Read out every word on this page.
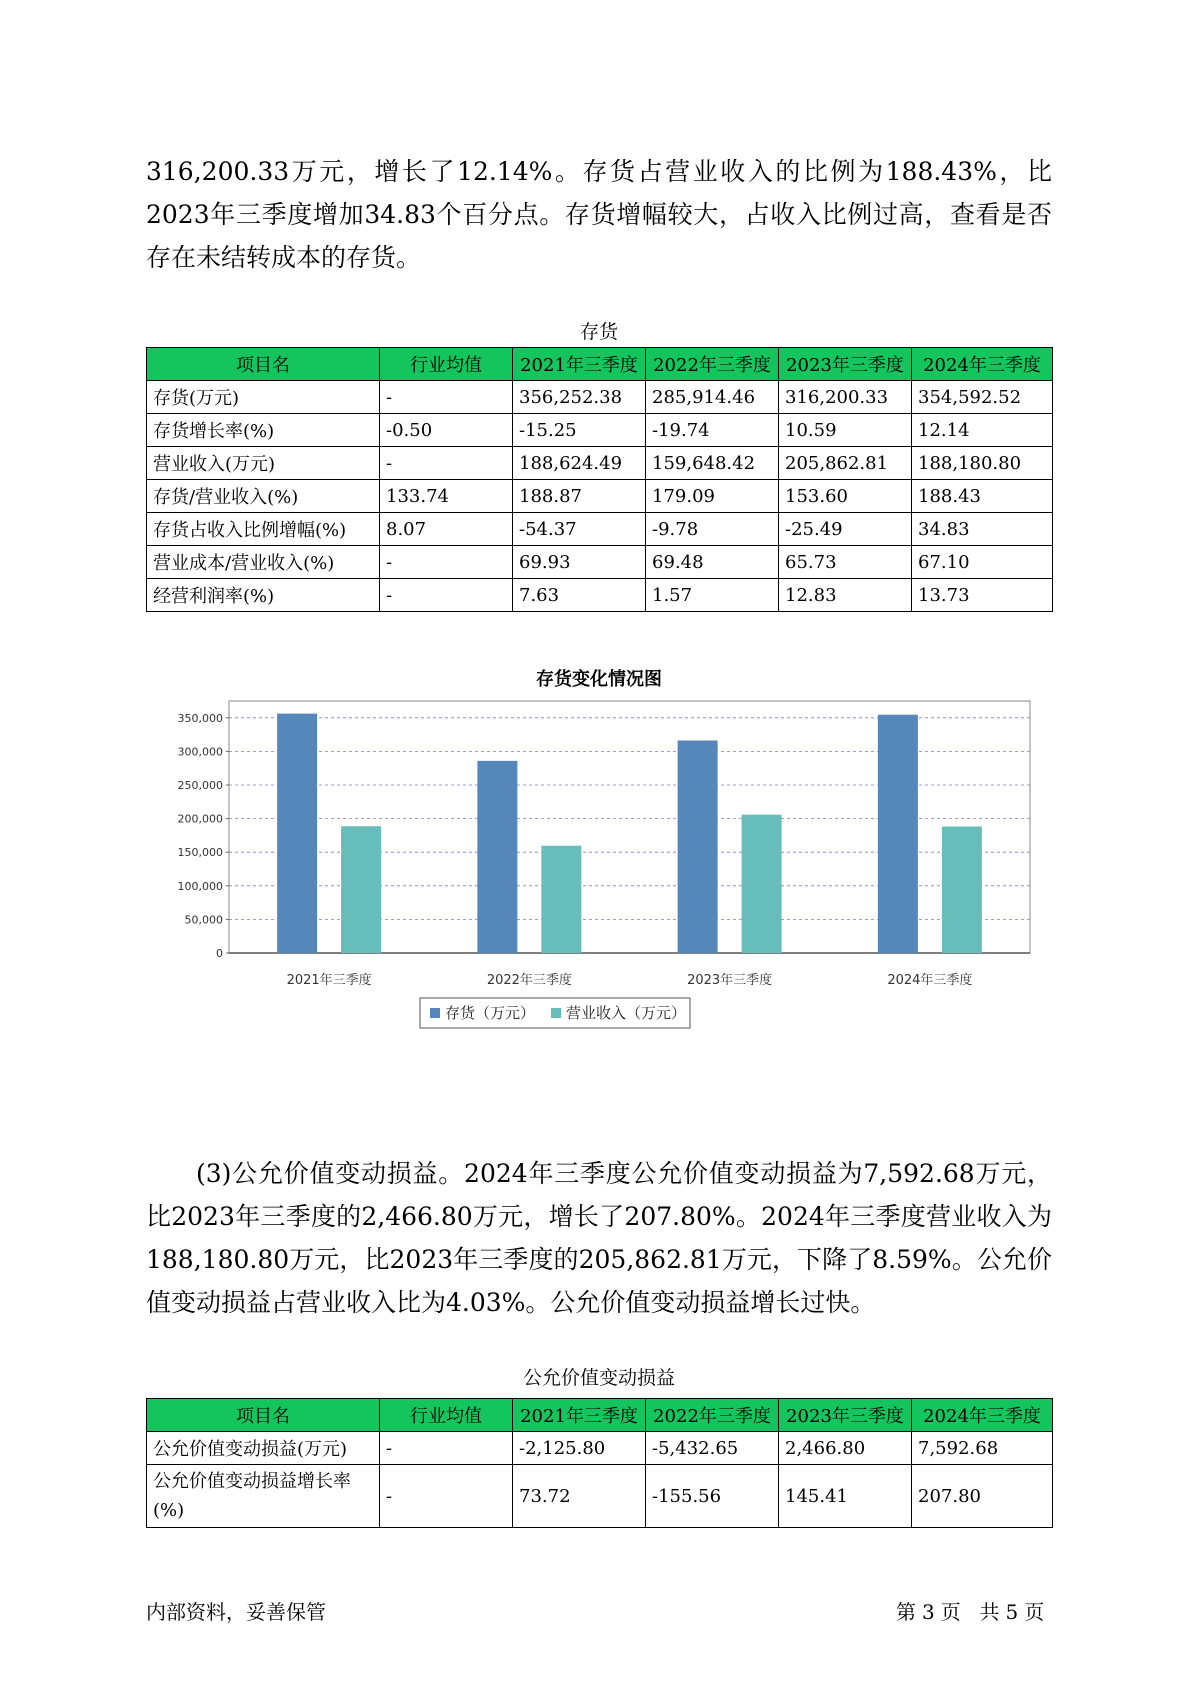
316,200.33万元，增长了12.14%。存货占营业收入的比例为188.43%，比2023年三季度增加34.83个百分点。存货增幅较大，占收入比例过高，查看是否存在未结转成本的存货。

存货
项目名	行业均值	2021年三季度	2022年三季度	2023年三季度	2024年三季度
存货(万元)	-	356,252.38	285,914.46	316,200.33	354,592.52
存货增长率(%)	-0.50	-15.25	-19.74	10.59	12.14
营业收入(万元)	-	188,624.49	159,648.42	205,862.81	188,180.80
存货/营业收入(%)	133.74	188.87	179.09	153.60	188.43
存货占收入比例增幅(%)	8.07	-54.37	-9.78	-25.49	34.83
营业成本/营业收入(%)	-	69.93	69.48	65.73	67.10
经营利润率(%)	-	7.63	1.57	12.83	13.73
存货变化情况图
0
50,000
100,000
150,000
200,000
250,000
300,000
350,000
2021年三季度	2022年三季度	2023年三季度	2024年三季度
存货（万元） 营业收入（万元）

(3)公允价值变动损益。2024年三季度公允价值变动损益为7,592.68万元，比2023年三季度的2,466.80万元，增长了207.80%。2024年三季度营业收入为188,180.80万元，比2023年三季度的205,862.81万元，下降了8.59%。公允价值变动损益占营业收入比为4.03%。公允价值变动损益增长过快。

公允价值变动损益
项目名	行业均值	2021年三季度	2022年三季度	2023年三季度	2024年三季度
公允价值变动损益(万元)	-	-2,125.80	-5,432.65	2,466.80	7,592.68
公允价值变动损益增长率(%)	-	73.72	-155.56	145.41	207.80
内部资料，妥善保管	第 3 页 共 5 页
